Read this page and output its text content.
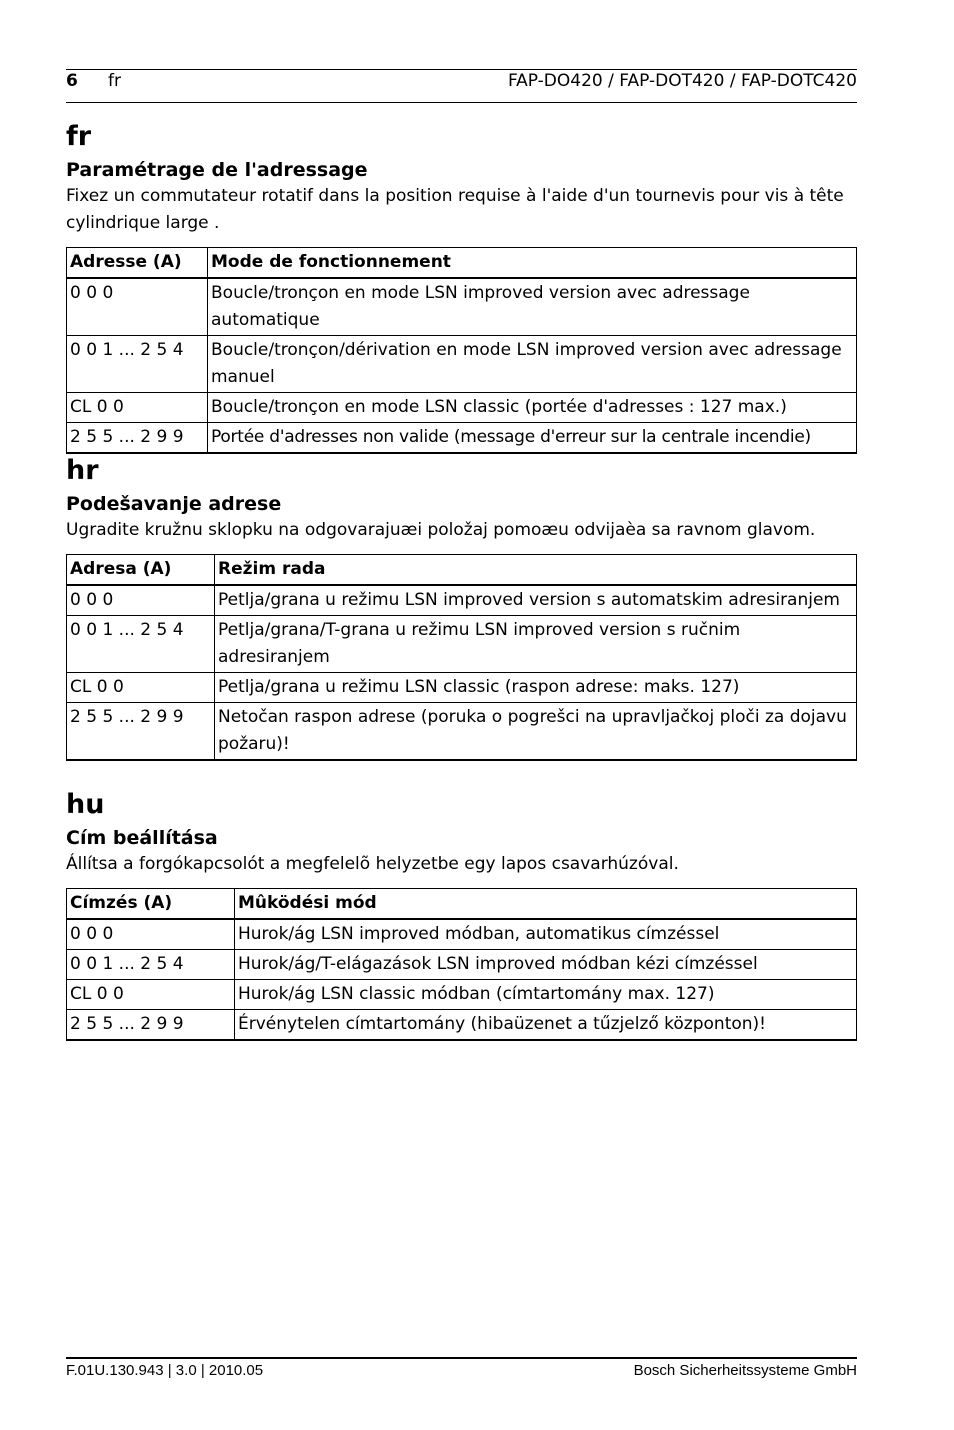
6 fr	FAP-DO420 / FAP-DOT420 / FAP-DOTC420
fr
Paramétrage de l'adressage
Fixez un commutateur rotatif dans la position requise à l'aide d'un tournevis pour vis à tête cylindrique large .
Adresse (A)	Mode de fonctionnement
0 0 0	Boucle/tronçon en mode LSN improved version avec adressage automatique
0 0 1 ... 2 5 4	Boucle/tronçon/dérivation en mode LSN improved version avec adressage manuel
CL 0 0	Boucle/tronçon en mode LSN classic (portée d'adresses : 127 max.)
2 5 5 ... 2 9 9	Portée d'adresses non valide (message d'erreur sur la centrale incendie)
hr
Podešavanje adrese
Ugradite kružnu sklopku na odgovarajuæi položaj pomoæu odvijaèa sa ravnom glavom.
Adresa (A)	Režim rada
0 0 0	Petlja/grana u režimu LSN improved version s automatskim adresiranjem
0 0 1 ... 2 5 4	Petlja/grana/T-grana u režimu LSN improved version s ručnim adresiranjem
CL 0 0	Petlja/grana u režimu LSN classic (raspon adrese: maks. 127)
2 5 5 ... 2 9 9	Netočan raspon adrese (poruka o pogrešci na upravljačkoj ploči za dojavu požaru)!
hu
Cím beállítása
Állítsa a forgókapcsolót a megfelelõ helyzetbe egy lapos csavarhúzóval.
Címzés (A)	Mûködési mód
0 0 0	Hurok/ág LSN improved módban, automatikus címzéssel
0 0 1 ... 2 5 4	Hurok/ág/T-elágazások LSN improved módban kézi címzéssel
CL 0 0	Hurok/ág LSN classic módban (címtartomány max. 127)
2 5 5 ... 2 9 9	Érvénytelen címtartomány (hibaüzenet a tűzjelző központon)!
F.01U.130.943 | 3.0 | 2010.05	Bosch Sicherheitssysteme GmbH
